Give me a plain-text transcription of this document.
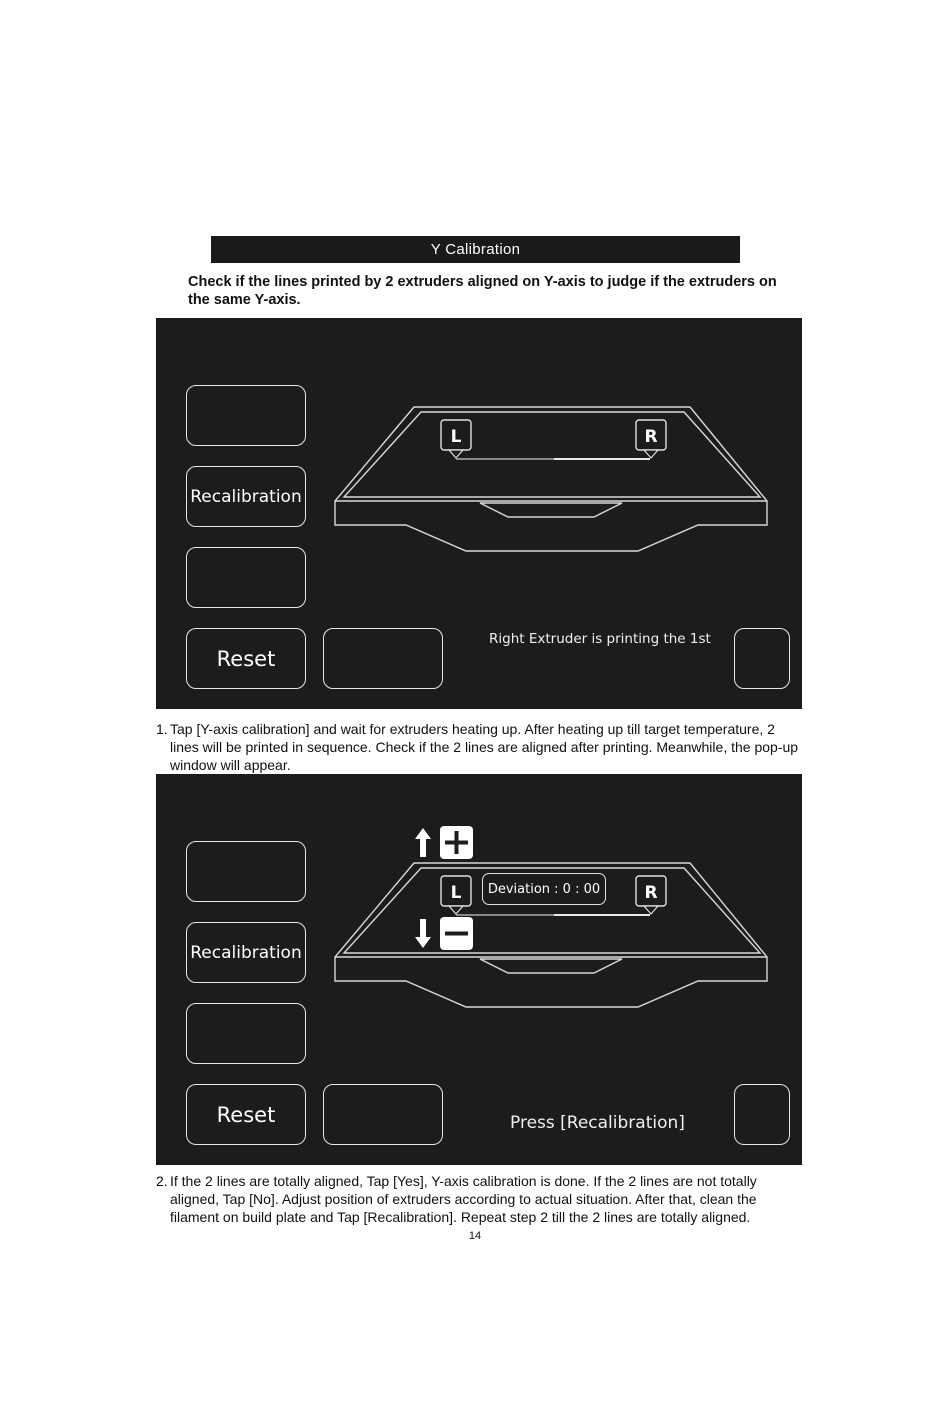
Y Calibration
Check if the lines printed by 2 extruders aligned on Y-axis to judge if the extruders on the same Y-axis.
Recalibration
Reset
L	R
Right Extruder is printing the 1st
1. Tap [Y-axis calibration] and wait for extruders heating up. After heating up till target temperature, 2 lines will be printed in sequence. Check if the 2 lines are aligned after printing. Meanwhile, the pop-up window will appear.
Recalibration
Reset
L	R
Deviation : 0 : 00
Press [Recalibration]
2. If the 2 lines are totally aligned, Tap [Yes], Y-axis calibration is done. If the 2 lines are not totally aligned, Tap [No]. Adjust position of extruders according to actual situation. After that, clean the filament on build plate and Tap [Recalibration]. Repeat step 2 till the 2 lines are totally aligned.
14
